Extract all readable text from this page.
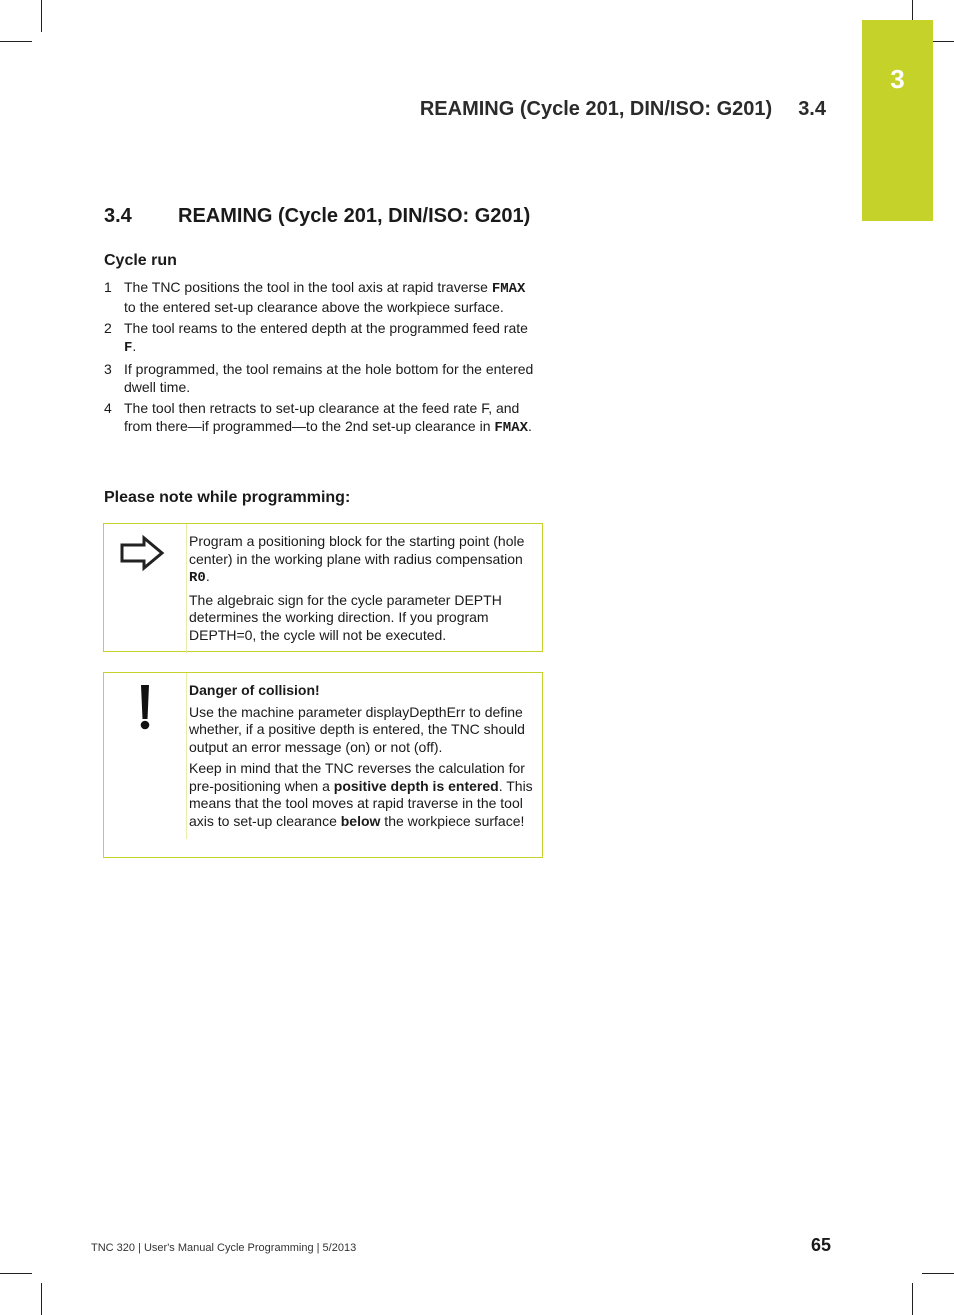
3
REAMING (Cycle 201, DIN/ISO: G201) 3.4
3.4 REAMING (Cycle 201, DIN/ISO: G201)
Cycle run
1 The TNC positions the tool in the tool axis at rapid traverse FMAX to the entered set-up clearance above the workpiece surface.
2 The tool reams to the entered depth at the programmed feed rate F.
3 If programmed, the tool remains at the hole bottom for the entered dwell time.
4 The tool then retracts to set-up clearance at the feed rate F, and from there—if programmed—to the 2nd set-up clearance in FMAX.
Please note while programming:

Program a positioning block for the starting point (hole center) in the working plane with radius compensation R0.

The algebraic sign for the cycle parameter DEPTH determines the working direction. If you program DEPTH=0, the cycle will not be executed.

Danger of collision!

Use the machine parameter displayDepthErr to define whether, if a positive depth is entered, the TNC should output an error message (on) or not (off).

Keep in mind that the TNC reverses the calculation for pre-positioning when a positive depth is entered. This means that the tool moves at rapid traverse in the tool axis to set-up clearance below the workpiece surface!

TNC 320 | User's Manual Cycle Programming | 5/2013	65
